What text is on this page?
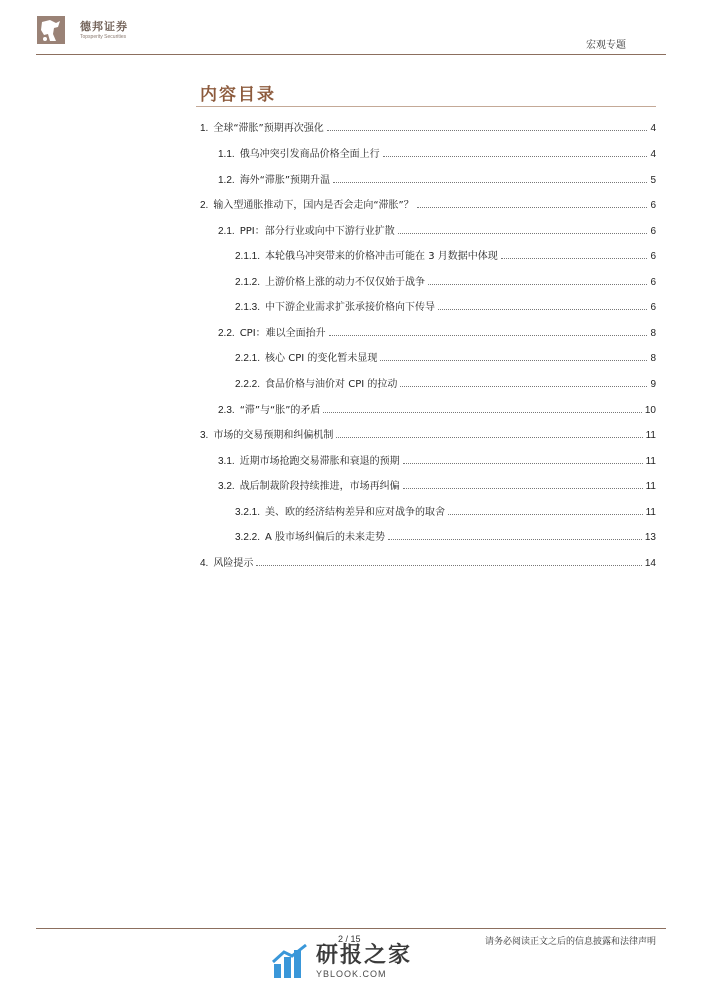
德邦证券
Topsperity Securities
宏观专题
内容目录
1. 全球“滞胀”预期再次强化	4
1.1. 俄乌冲突引发商品价格全面上行	4
1.2. 海外“滞胀”预期升温	5
2. 输入型通胀推动下，国内是否会走向“滞胀”？	6
2.1. PPI：部分行业或向中下游行业扩散	6
2.1.1. 本轮俄乌冲突带来的价格冲击可能在 3 月数据中体现	6
2.1.2. 上游价格上涨的动力不仅仅始于战争	6
2.1.3. 中下游企业需求扩张承接价格向下传导	6
2.2. CPI：难以全面抬升	8
2.2.1. 核心 CPI 的变化暂未显现	8
2.2.2. 食品价格与油价对 CPI 的拉动	9
2.3. “滞”与“胀”的矛盾	10
3. 市场的交易预期和纠偏机制	11
3.1. 近期市场抢跑交易滞胀和衰退的预期	11
3.2. 战后制裁阶段持续推进，市场再纠偏	11
3.2.1. 美、欧的经济结构差异和应对战争的取舍	11
3.2.2. A 股市场纠偏后的未来走势	13
4. 风险提示	14
2 / 15	请务必阅读正文之后的信息披露和法律声明
研报之家
YBLOOK.COM
